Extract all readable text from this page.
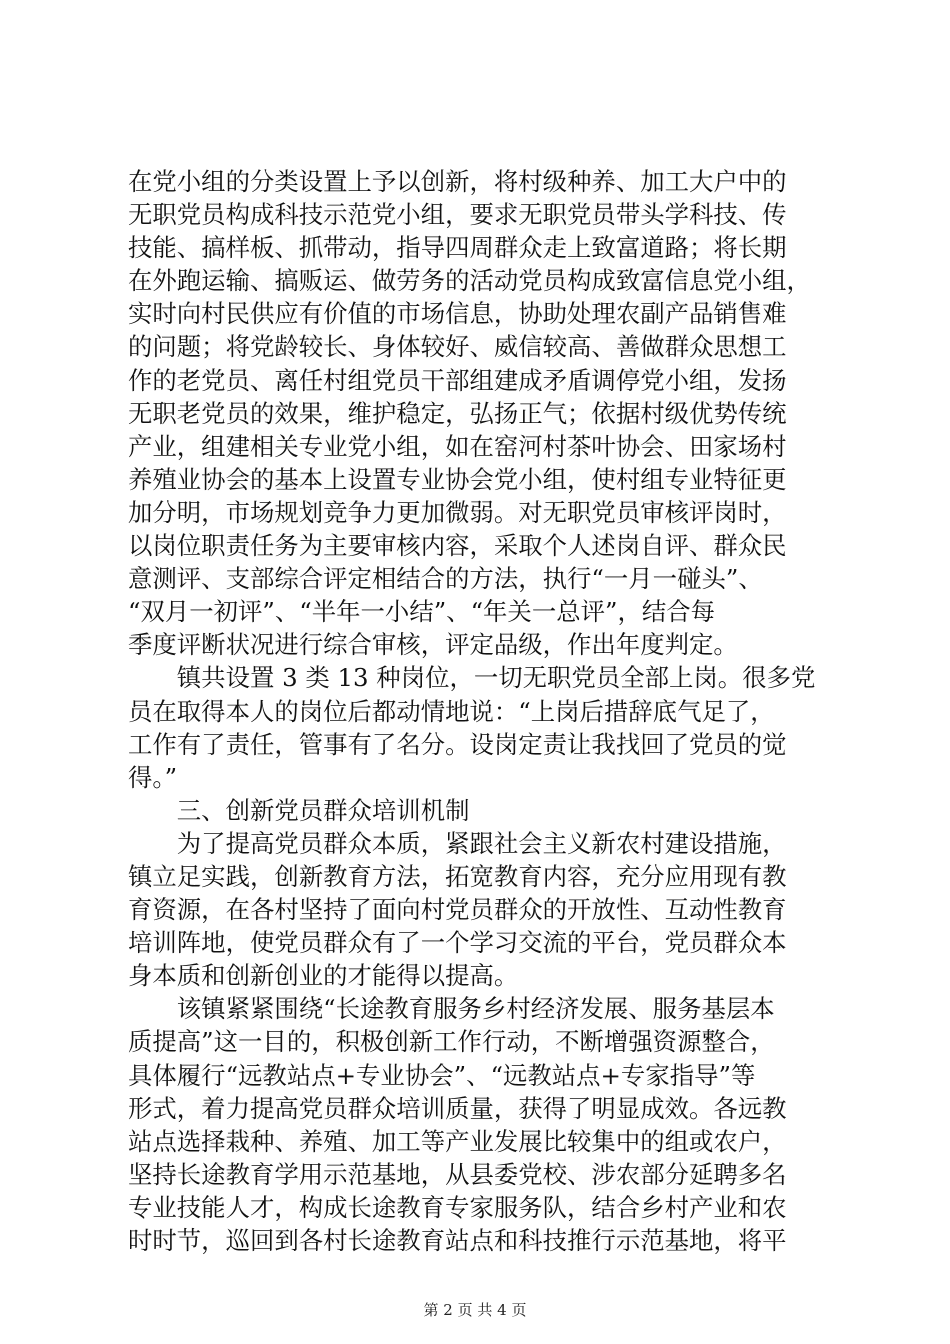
在党小组的分类设置上予以创新，将村级种养、加工大户中的
无职党员构成科技示范党小组，要求无职党员带头学科技、传
技能、搞样板、抓带动，指导四周群众走上致富道路；将长期
在外跑运输、搞贩运、做劳务的活动党员构成致富信息党小组，
实时向村民供应有价值的市场信息，协助处理农副产品销售难
的问题；将党龄较长、身体较好、威信较高、善做群众思想工
作的老党员、离任村组党员干部组建成矛盾调停党小组，发扬
无职老党员的效果，维护稳定，弘扬正气；依据村级优势传统
产业，组建相关专业党小组，如在窑河村茶叶协会、田家场村
养殖业协会的基本上设置专业协会党小组，使村组专业特征更
加分明，市场规划竞争力更加微弱。对无职党员审核评岗时，
以岗位职责任务为主要审核内容，采取个人述岗自评、群众民
意测评、支部综合评定相结合的方法，执行“一月一碰头”、
“双月一初评”、“半年一小结”、“年关一总评”，结合每
季度评断状况进行综合审核，评定品级，作出年度判定。
　　镇共设置 3 类 13 种岗位，一切无职党员全部上岗。很多党
员在取得本人的岗位后都动情地说：“上岗后措辞底气足了，
工作有了责任，管事有了名分。设岗定责让我找回了党员的觉
得。”
　　三、创新党员群众培训机制
　　为了提高党员群众本质，紧跟社会主义新农村建设措施，
镇立足实践，创新教育方法，拓宽教育内容，充分应用现有教
育资源，在各村坚持了面向村党员群众的开放性、互动性教育
培训阵地，使党员群众有了一个学习交流的平台，党员群众本
身本质和创新创业的才能得以提高。
　　该镇紧紧围绕“长途教育服务乡村经济发展、服务基层本
质提高”这一目的，积极创新工作行动，不断增强资源整合，
具体履行“远教站点+专业协会”、“远教站点+专家指导”等
形式，着力提高党员群众培训质量，获得了明显成效。各远教
站点选择栽种、养殖、加工等产业发展比较集中的组或农户，
坚持长途教育学用示范基地，从县委党校、涉农部分延聘多名
专业技能人才，构成长途教育专家服务队，结合乡村产业和农
时时节，巡回到各村长途教育站点和科技推行示范基地，将平
第 2 页 共 4 页
